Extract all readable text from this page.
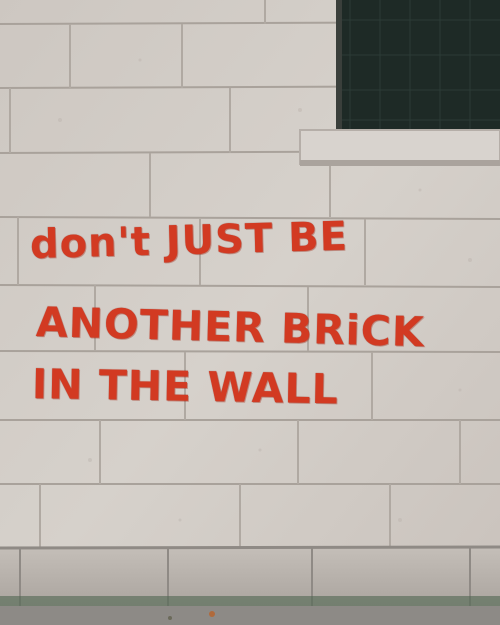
don't JUST BE
ANOTHER BRiCK
IN THE WALL
